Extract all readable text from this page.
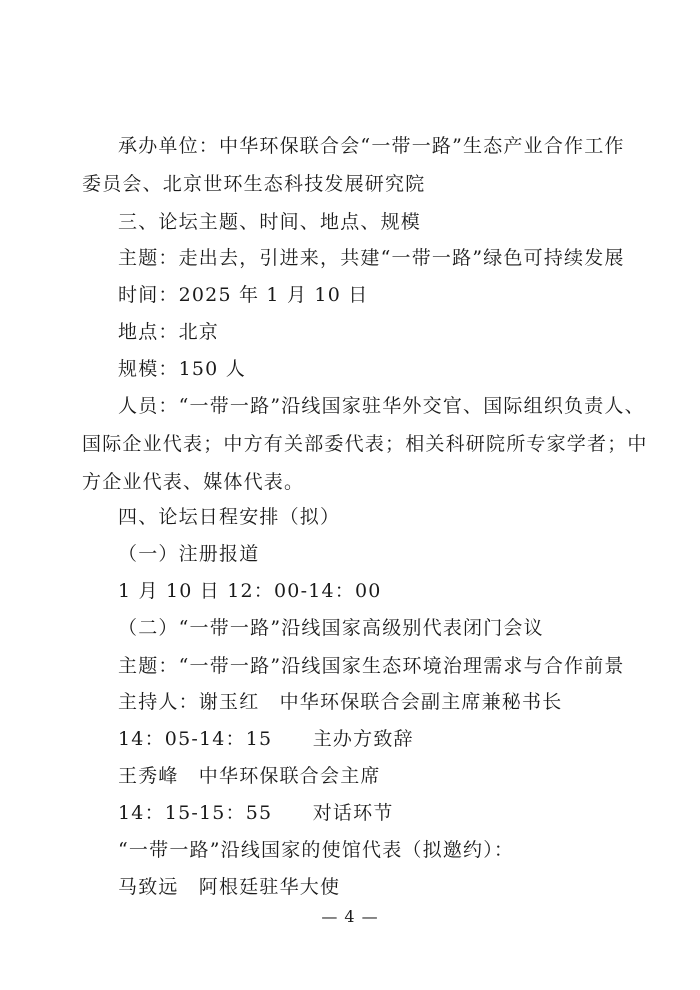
承办单位：中华环保联合会“一带一路”生态产业合作工作
委员会、北京世环生态科技发展研究院
三、论坛主题、时间、地点、规模
主题：走出去，引进来，共建“一带一路”绿色可持续发展
时间：2025 年 1 月 10 日
地点：北京
规模：150 人
人员：“一带一路”沿线国家驻华外交官、国际组织负责人、
国际企业代表；中方有关部委代表；相关科研院所专家学者；中
方企业代表、媒体代表。
四、论坛日程安排（拟）
（一）注册报道
1 月 10 日 12：00-14：00
（二）“一带一路”沿线国家高级别代表闭门会议
主题：“一带一路”沿线国家生态环境治理需求与合作前景
主持人：谢玉红　中华环保联合会副主席兼秘书长
14：05-14：15　　主办方致辞
王秀峰　中华环保联合会主席
14：15-15：55　　对话环节
“一带一路”沿线国家的使馆代表（拟邀约）：
马致远　阿根廷驻华大使
— 4 —
